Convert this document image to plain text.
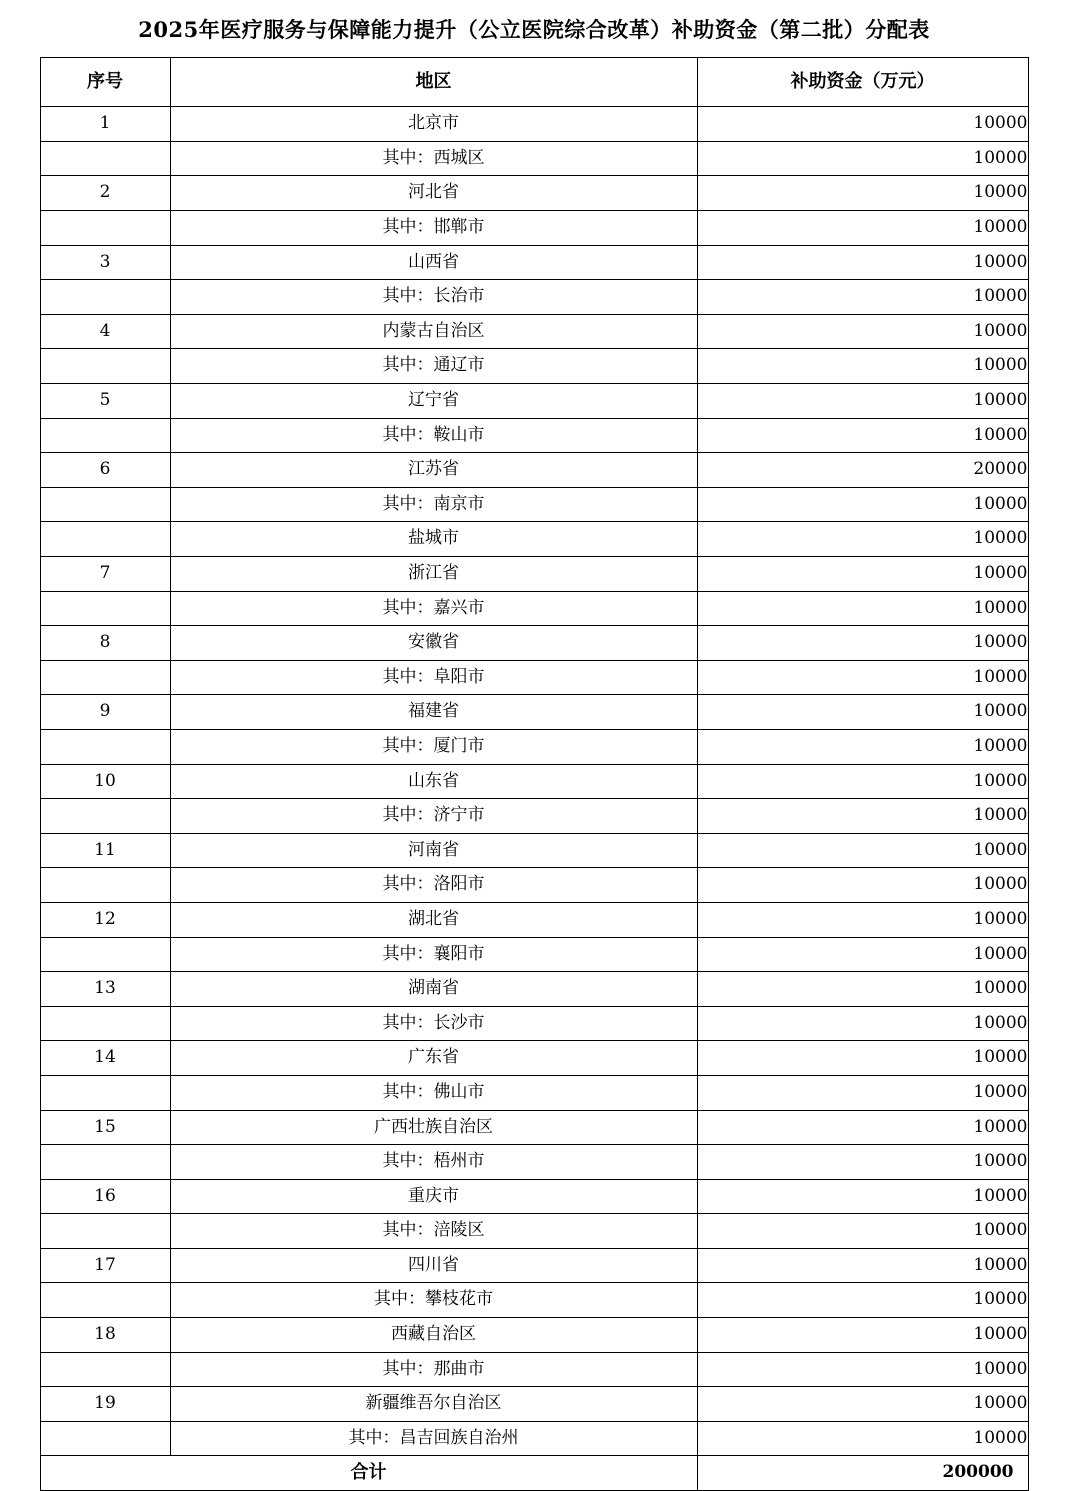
2025年医疗服务与保障能力提升（公立医院综合改革）补助资金（第二批）分配表
序号	地区	补助资金（万元）
1	北京市	10000
	其中：西城区	10000
2	河北省	10000
	其中：邯郸市	10000
3	山西省	10000
	其中：长治市	10000
4	内蒙古自治区	10000
	其中：通辽市	10000
5	辽宁省	10000
	其中：鞍山市	10000
6	江苏省	20000
	其中：南京市	10000
	盐城市	10000
7	浙江省	10000
	其中：嘉兴市	10000
8	安徽省	10000
	其中：阜阳市	10000
9	福建省	10000
	其中：厦门市	10000
10	山东省	10000
	其中：济宁市	10000
11	河南省	10000
	其中：洛阳市	10000
12	湖北省	10000
	其中：襄阳市	10000
13	湖南省	10000
	其中：长沙市	10000
14	广东省	10000
	其中：佛山市	10000
15	广西壮族自治区	10000
	其中：梧州市	10000
16	重庆市	10000
	其中：涪陵区	10000
17	四川省	10000
	其中：攀枝花市	10000
18	西藏自治区	10000
	其中：那曲市	10000
19	新疆维吾尔自治区	10000
	其中：昌吉回族自治州	10000
合计		200000
